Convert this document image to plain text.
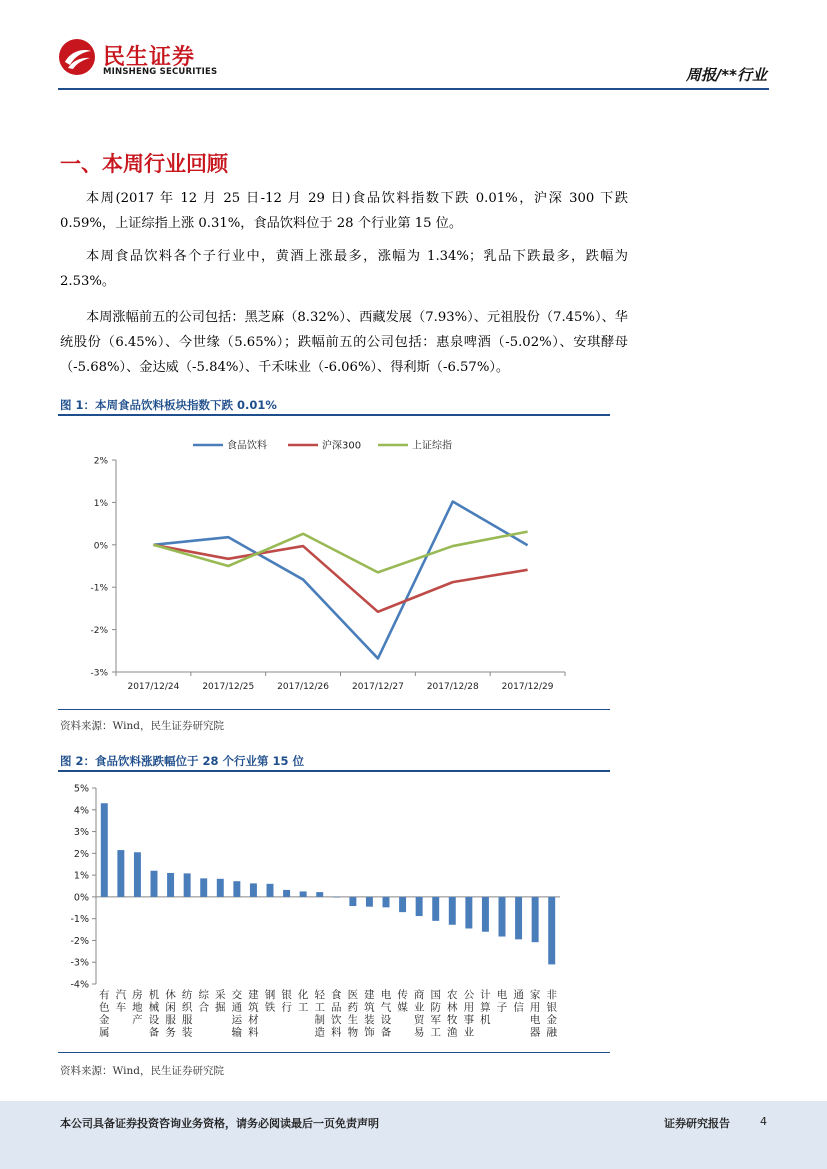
民生证券
MINSHENG SECURITIES	周报/**行业
一、本周行业回顾
本周(2017 年 12 月 25 日-12 月 29 日)食品饮料指数下跌 0.01%，沪深 300 下跌 0.59%，上证综指上涨 0.31%，食品饮料位于 28 个行业第 15 位。
本周食品饮料各个子行业中，黄酒上涨最多，涨幅为 1.34%；乳品下跌最多，跌幅为 2.53%。
本周涨幅前五的公司包括：黑芝麻（8.32%）、西藏发展（7.93%）、元祖股份（7.45%）、华统股份（6.45%）、今世缘（5.65%）；跌幅前五的公司包括：惠泉啤酒（-5.02%）、安琪酵母（-5.68%）、金达威（-5.84%）、千禾味业（-6.06%）、得利斯（-6.57%）。
图 1：本周食品饮料板块指数下跌 0.01%
2%
1%
0%
-1%
-2%
-3%
2017/12/24	2017/12/25	2017/12/26	2017/12/27	2017/12/28	2017/12/29
食品饮料	沪深300	上证综指
资料来源：Wind，民生证券研究院
图 2：食品饮料涨跌幅位于 28 个行业第 15 位
5%
4%
3%
2%
1%
0%
-1%
-2%
-3%
-4%
有色金属
汽车
房地产
机械设备
休闲服务
纺织服装
综合
采掘
交通运输
建筑材料
钢铁
银行
化工
轻工制造
食品饮料
医药生物
建筑装饰
电气设备
传媒
商业贸易
国防军工
农林牧渔
公用事业
计算机
电子
通信
家用电器
非银金融
资料来源：Wind，民生证券研究院
本公司具备证券投资咨询业务资格，请务必阅读最后一页免责声明	证券研究报告	4
